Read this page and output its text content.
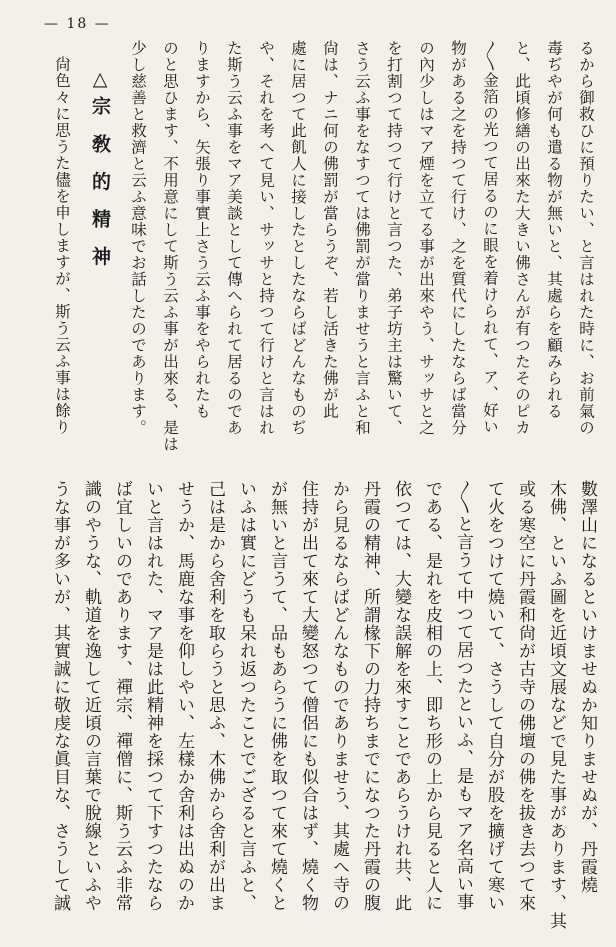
— 18 —

るから御救ひに預りたい、と言はれた時に、お前氣の

毒ぢやが何も遣る物が無いと、其處らを顧みられる

と、此頃修繕の出來た大きい佛さんが有つたそのピカ

〳〵金箔の光つて居るのに眼を着けられて、ア、好い

物がある之を持つて行け、之を質代にしたならば當分

の內少しはマア煙を立てる事が出來やう、サッサと之

を打割つて持つて行けと言つた、弟子坊主は驚いて、

さう云ふ事をなすつては佛罰が當りませうと言ふと和

尙は、ナニ何の佛罰が當らうぞ、若し活きた佛が此

處に居つて此飢人に接したとしたならばどんなものぢ

や、それを考へて見い、サッサと持つて行けと言はれ

た斯う云ふ事をマア美談として傳へられて居るのであ

りますから、矢張り事實上さう云ふ事をやられたも

のと思ひます、不用意にして斯う云ふ事が出來る、是は

少し慈善と救濟と云ふ意味でお話したのであります。

△宗 敎 的 精 神

尙色々に思うた儘を申しますが、斯う云ふ事は餘り

數澤山になるといけませぬか知りませぬが、丹霞燒

木佛、といふ圖を近頃文展などで見た事があります、其

或る寒空に丹霞和尙が古寺の佛壇の佛を拔き去つて來

て火をつけて燒いて、さうして自分が股を擴げて寒い

〳〵と言うて中つて居つたといふ、是もマア名高い事

である、是れを皮相の上、即ち形の上から見ると人に

依つては、大變な誤解を來すことであらうけれ共、此

丹霞の精神、所謂椽下の力持ちまでになつた丹霞の腹

から見るならばどんなものでありませう、其處へ寺の

住持が出て來て大變怒つて僧侶にも似合はず、燒く物

が無いと言うて、品もあらうに佛を取つて來て燒くと

いふは實にどうも呆れ返つたことでござると言ふと、

己は是から舍利を取らうと思ふ、木佛から舍利が出ま

せうか、馬鹿な事を仰しやい、左樣か舍利は出ぬのか

いと言はれた、マア是は此精神を採つて下すつたなら

ば宜しいのであります、禪宗、禪僧に、斯う云ふ非常

識のやうな、軌道を逸して近頃の言葉で脫線といふや

うな事が多いが、其實誠に敬虔な眞目な、さうして誠
